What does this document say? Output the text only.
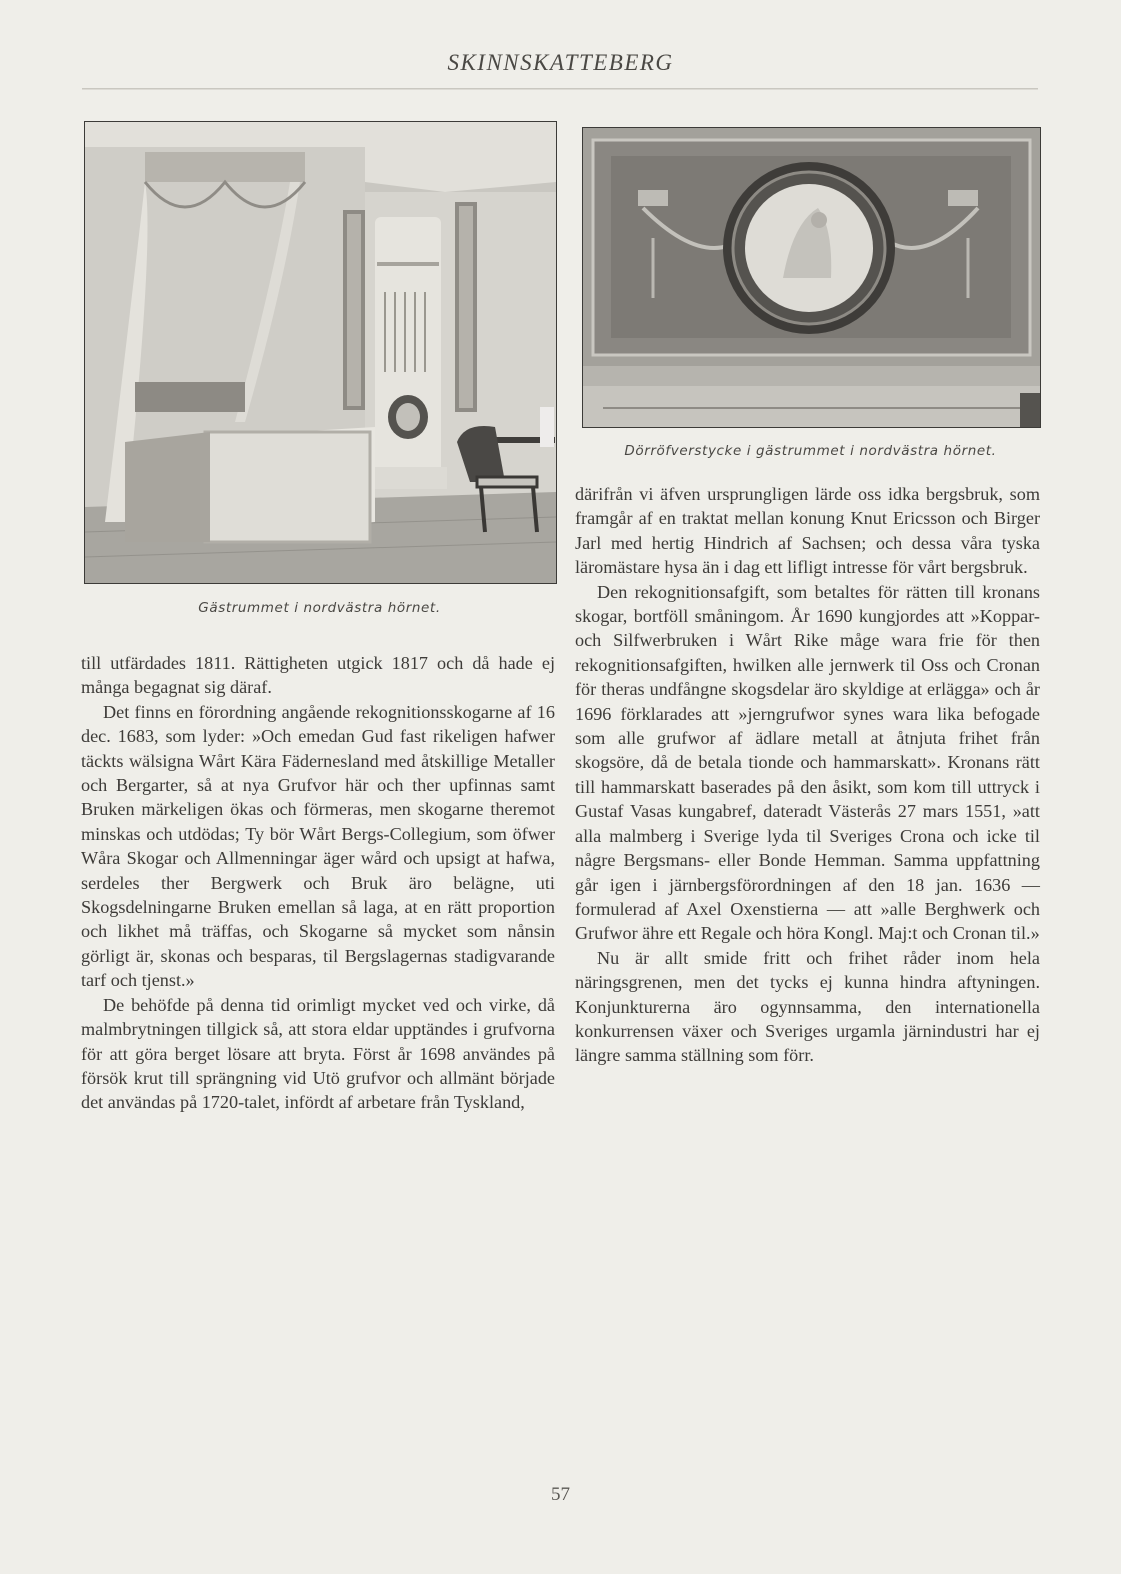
SKINNSKATTEBERG
Gästrummet i nordvästra hörnet.
Dörröfverstycke i gästrummet i nordvästra hörnet.

till utfärdades 1811. Rättigheten utgick 1817 och då hade ej många begagnat sig däraf.

Det finns en förordning angående rekognitionsskogarne af 16 dec. 1683, som lyder: »Och emedan Gud fast rikeligen hafwer täckts wälsigna Wårt Kära Fädernesland med åtskillige Metaller och Bergarter, så at nya Grufvor här och ther upfinnas samt Bruken märkeligen ökas och förmeras, men skogarne theremot minskas och utdödas; Ty bör Wårt Bergs-Collegium, som öfwer Wåra Skogar och Allmenningar äger wård och upsigt at hafwa, serdeles ther Bergwerk och Bruk äro belägne, uti Skogsdelningarne Bruken emellan så laga, at en rätt proportion och likhet må träffas, och Skogarne så mycket som nånsin görligt är, skonas och besparas, til Bergslagernas stadigvarande tarf och tjenst.»

De behöfde på denna tid orimligt mycket ved och virke, då malmbrytningen tillgick så, att stora eldar upptändes i grufvorna för att göra berget lösare att bryta. Först år 1698 användes på försök krut till sprängning vid Utö grufvor och allmänt började det användas på 1720-talet, infördt af arbetare från Tyskland,

därifrån vi äfven ursprungligen lärde oss idka bergsbruk, som framgår af en traktat mellan konung Knut Ericsson och Birger Jarl med hertig Hindrich af Sachsen; och dessa våra tyska läromästare hysa än i dag ett lifligt intresse för vårt bergsbruk.

Den rekognitionsafgift, som betaltes för rätten till kronans skogar, bortföll småningom. År 1690 kungjordes att »Koppar- och Silfwerbruken i Wårt Rike måge wara frie för then rekognitionsafgiften, hwilken alle jernwerk til Oss och Cronan för theras undfångne skogsdelar äro skyldige at erlägga» och år 1696 förklarades att »jerngrufwor synes wara lika befogade som alle grufwor af ädlare metall at åtnjuta frihet från skogsöre, då de betala tionde och hammarskatt». Kronans rätt till hammarskatt baserades på den åsikt, som kom till uttryck i Gustaf Vasas kungabref, dateradt Västerås 27 mars 1551, »att alla malmberg i Sverige lyda til Sveriges Crona och icke til någre Bergsmans- eller Bonde Hemman. Samma uppfattning går igen i järnbergsförordningen af den 18 jan. 1636 — formulerad af Axel Oxenstierna — att »alle Berghwerk och Grufwor ähre ett Regale och höra Kongl. Maj:t och Cronan til.»

Nu är allt smide fritt och frihet råder inom hela näringsgrenen, men det tycks ej kunna hindra aftyningen. Konjunkturerna äro ogynnsamma, den internationella konkurrensen växer och Sveriges urgamla järnindustri har ej längre samma ställning som förr.

57
